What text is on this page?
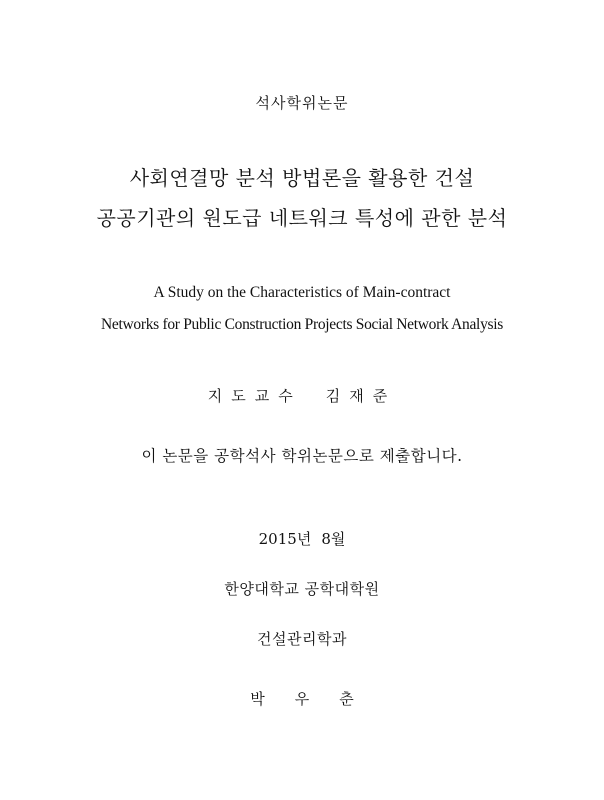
석사학위논문
사회연결망 분석 방법론을 활용한 건설
공공기관의 원도급 네트워크 특성에 관한 분석
A Study on the Characteristics of Main-contract
Networks for Public Construction Projects Social Network Analysis
지도교수 김재준
이 논문을 공학석사 학위논문으로 제출합니다.
2015년 8월
한양대학교 공학대학원
건설관리학과
박우춘
